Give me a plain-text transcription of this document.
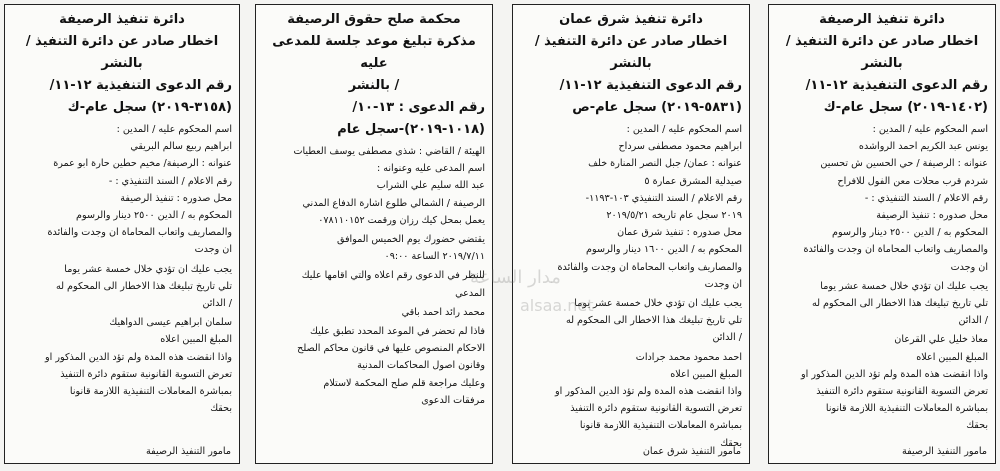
دائرة تنفيذ الرصيفة

اخطار صادر عن دائرة التنفيذ / بالنشر

رقم الدعوى التنفيذية ١٢-١١/

(١٤٠٢-٢٠١٩) سجل عام-ك

اسم المحكوم عليه / المدين :

يونس عبد الكريم احمد الرواشده

عنوانه : الرصيفة / حي الحسين ش تحسين

شردم قرب محلات معن الفول للافراح

رقم الاعلام / السند التنفيذي : -

محل صدوره : تنفيذ الرصيفة

المحكوم به / الدين ٢٥٠٠ دينار والرسوم

والمصاريف واتعاب المحاماة ان وجدت والفائدة

ان وجدت

يجب عليك ان تؤدي خلال خمسة عشر يوما

تلي تاريخ تبليغك هذا الاخطار الى المحكوم له

/ الدائن

معاذ خليل علي القرعان

المبلغ المبين اعلاه

واذا انقضت هذه المدة ولم تؤد الدين المذكور او

تعرض التسوية القانونية ستقوم دائرة التنفيذ

بمباشرة المعاملات التنفيذية اللازمة قانونا

بحقك

مامور التنفيذ الرصيفة

دائرة تنفيذ شرق عمان

اخطار صادر عن دائرة التنفيذ / بالنشر

رقم الدعوى التنفيذية ١٢-١١/

(٥٨٣١-٢٠١٩) سجل عام-ص

اسم المحكوم عليه / المدين :

ابراهيم محمود مصطفى سرداح

عنوانه : عمان/ جبل النصر المنارة خلف

صيدلية المشرق عمارة ٥

رقم الاعلام / السند التنفيذي ١٠٣-١١٩٣-

٢٠١٩ سجل عام تاريخه ٢٠١٩/٥/٢١

محل صدوره : تنفيذ شرق عمان

المحكوم به / الدين ١٦٠٠ دينار والرسوم

والمصاريف واتعاب المحاماة ان وجدت والفائدة

ان وجدت

يجب عليك ان تؤدي خلال خمسة عشر يوما

تلي تاريخ تبليغك هذا الاخطار الى المحكوم له

/ الدائن

احمد محمود محمد جرادات

المبلغ المبين اعلاه

واذا انقضت هذه المدة ولم تؤد الدين المذكور او

تعرض التسوية القانونية ستقوم دائرة التنفيذ

بمباشرة المعاملات التنفيذية اللازمة قانونا

بحقك

مامور التنفيذ شرق عمان

محكمة صلح حقوق الرصيفة

مذكرة تبليغ موعد جلسة للمدعى عليه

/ بالنشر

رقم الدعوى : ١٣-١٠/

(١٠١٨-٢٠١٩)-سجل عام

الهيئة / القاضي : شذى مصطفى يوسف العطيات

اسم المدعى عليه وعنوانه :

عبد الله سليم علي الشراب

الرصيفة / الشمالي طلوع اشارة الدفاع المدني

يعمل بمحل كيك رزان ورقمت ٠٧٨١١٠١٥٢

يقتضي حضورك يوم الخميس الموافق

٢٠١٩/٧/١١ الساعة ٠٩:٠٠

للنظر في الدعوى رقم اعلاه والتي اقامها عليك

المدعي

محمد رائد احمد باقي

فاذا لم تحضر في الموعد المحدد تطبق عليك

الاحكام المنصوص عليها في قانون محاكم الصلح

وقانون اصول المحاكمات المدنية

وعليك مراجعة قلم صلح المحكمة لاستلام

مرفقات الدعوى

دائرة تنفيذ الرصيفة

اخطار صادر عن دائرة التنفيذ / بالنشر

رقم الدعوى التنفيذية ١٢-١١/

(٣١٥٨-٢٠١٩) سجل عام-ك

اسم المحكوم عليه / المدين :

ابراهيم ربيع سالم البريقي

عنوانه : الرصيفة/ مخيم حطين حارة ابو عمرة

رقم الاعلام / السند التنفيذي : -

محل صدوره : تنفيذ الرصيفة

المحكوم به / الدين ٢٥٠٠ دينار والرسوم

والمصاريف واتعاب المحاماة ان وجدت والفائدة

ان وجدت

يجب عليك ان تؤدي خلال خمسة عشر يوما

تلي تاريخ تبليغك هذا الاخطار الى المحكوم له

/ الدائن

سلمان ابراهيم عيسى الدواهيك

المبلغ المبين اعلاه

واذا انقضت هذه المدة ولم تؤد الدين المذكور او

تعرض التسوية القانونية ستقوم دائرة التنفيذ

بمباشرة المعاملات التنفيذية اللازمة قانونا

بحقك

مامور التنفيذ الرصيفة

مدار الساعة
alsaa.net
